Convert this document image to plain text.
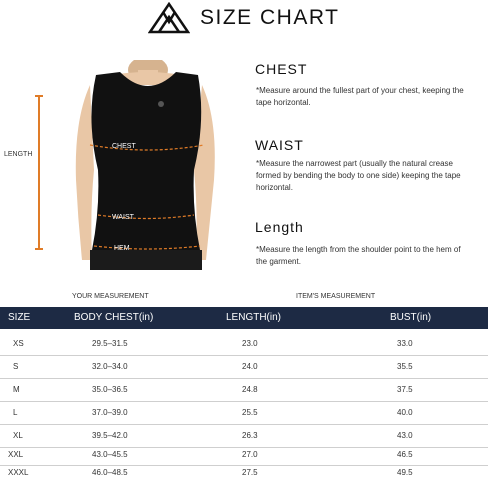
SIZE CHART
LENGTH
CHEST
WAIST
HEM
CHEST
*Measure around the fullest part of your chest, keeping the tape horizontal.
WAIST
*Measure the narrowest part (usually the natural crease formed by bending the body to one side) keeping the tape horizontal.
Length
*Measure the length from the shoulder point to the hem of the garment.
YOUR MEASUREMENT	ITEM'S MEASUREMENT
SIZE	BODY CHEST(in)	LENGTH(in)	BUST(in)
XS	29.5–31.5	23.0	33.0
S	32.0–34.0	24.0	35.5
M	35.0–36.5	24.8	37.5
L	37.0–39.0	25.5	40.0
XL	39.5–42.0	26.3	43.0
XXL	43.0–45.5	27.0	46.5
XXXL	46.0–48.5	27.5	49.5
